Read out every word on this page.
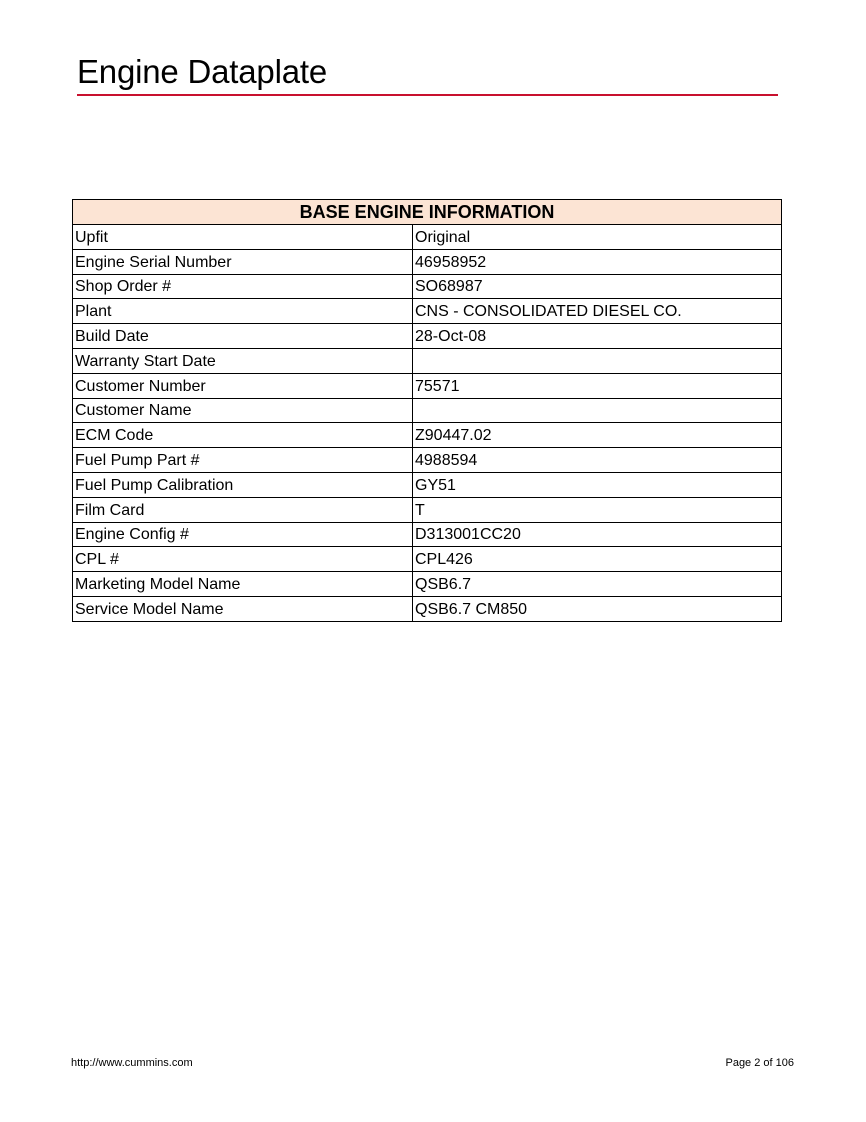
Engine Dataplate
BASE ENGINE INFORMATION	
Upfit	Original
Engine Serial Number	46958952
Shop Order #	SO68987
Plant	CNS - CONSOLIDATED DIESEL CO.
Build Date	28-Oct-08
Warranty Start Date	
Customer Number	75571
Customer Name	
ECM Code	Z90447.02
Fuel Pump Part #	4988594
Fuel Pump Calibration	GY51
Film Card	T
Engine Config #	D313001CC20
CPL #	CPL426
Marketing Model Name	QSB6.7
Service Model Name	QSB6.7 CM850
http://www.cummins.com	Page 2 of 106
